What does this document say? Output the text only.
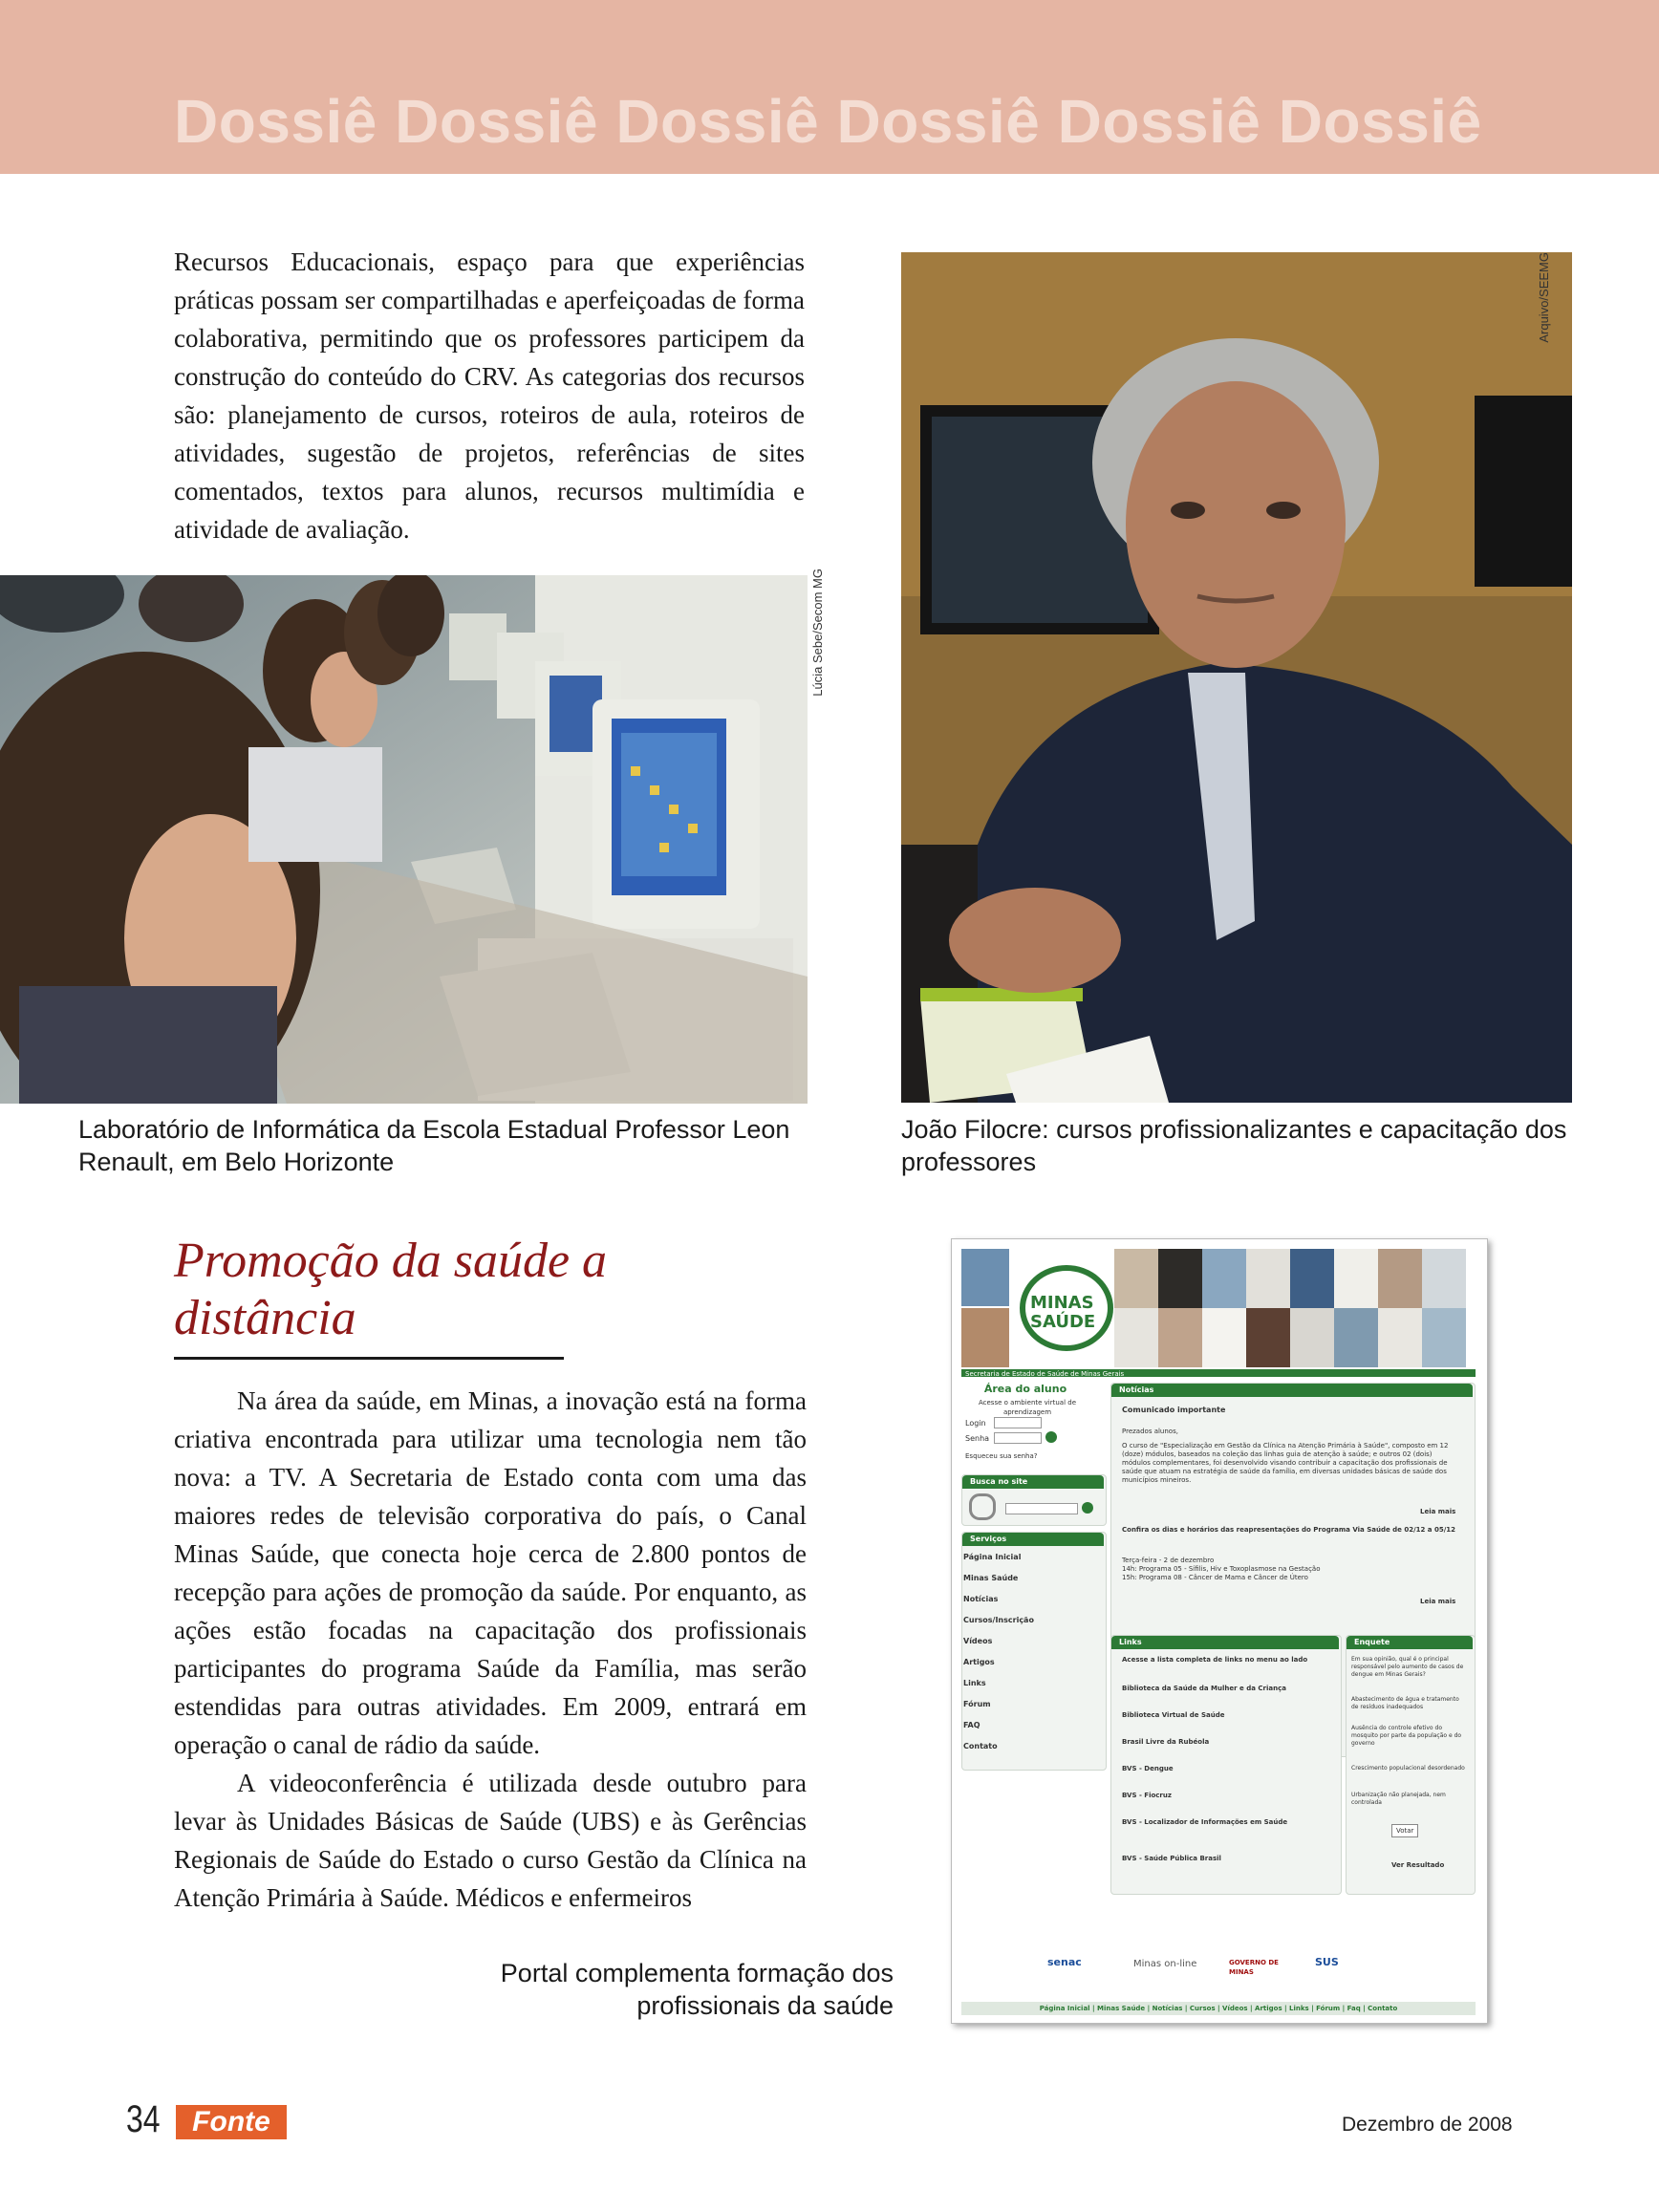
Dossiê Dossiê Dossiê Dossiê Dossiê Dossiê

Recursos Educacionais, espaço para que experiências práticas possam ser compartilhadas e aperfeiçoadas de forma colaborativa, permitindo que os professores participem da construção do conteúdo do CRV. As categorias dos recursos são: planejamento de cursos, roteiros de aula, roteiros de atividades, sugestão de projetos, referências de sites comentados, textos para alunos, recursos multimídia e atividade de avaliação.

Lúcia Sebe/Secom MG
Laboratório de Informática da Escola Estadual Professor Leon Renault, em Belo Horizonte
Arquivo/SEEMG
João Filocre: cursos profissionalizantes e capacitação dos professores
Promoção da saúde a distância

Na área da saúde, em Minas, a inovação está na forma criativa encontrada para utilizar uma tecnologia nem tão nova: a TV. A Secretaria de Estado conta com uma das maiores redes de televisão corporativa do país, o Canal Minas Saúde, que conecta hoje cerca de 2.800 pontos de recepção para ações de promoção da saúde. Por enquanto, as ações estão focadas na capacitação dos profissionais participantes do programa Saúde da Família, mas serão estendidas para outras atividades. Em 2009, entrará em operação o canal de rádio da saúde.

A videoconferência é utilizada desde outubro para levar às Unidades Básicas de Saúde (UBS) e às Gerências Regionais de Saúde do Estado o curso Gestão da Clínica na Atenção Primária à Saúde. Médicos e enfermeiros

Portal complementa formação dos profissionais da saúde
MINAS
SAÚDE
Secretaria de Estado de Saúde de Minas Gerais
Área do aluno
Acesse o ambiente virtual de aprendizagem
Login
Senha
Esqueceu sua senha?
Busca no site
Serviços
Página Inicial
Minas Saúde
Notícias
Cursos/Inscrição
Vídeos
Artigos
Links
Fórum
FAQ
Contato
Notícias
Comunicado importante
Prezados alunos,
O curso de "Especialização em Gestão da Clínica na Atenção Primária à Saúde", composto em 12 (doze) módulos, baseados na coleção das linhas guia de atenção à saúde; e outros 02 (dois) módulos complementares, foi desenvolvido visando contribuir a capacitação dos profissionais de saúde que atuam na estratégia de saúde da família, em diversas unidades básicas de saúde dos municípios mineiros.
Leia mais
Confira os dias e horários das reapresentações do Programa Via Saúde de 02/12 a 05/12
Terça-feira - 2 de dezembro
14h: Programa 05 - Sífilis, Hiv e Toxoplasmose na Gestação
15h: Programa 08 - Câncer de Mama e Câncer de Útero
Leia mais
Links
Acesse a lista completa de links no menu ao lado
Biblioteca da Saúde da Mulher e da Criança
Biblioteca Virtual de Saúde
Brasil Livre da Rubéola
BVS - Dengue
BVS - Fiocruz
BVS - Localizador de Informações em Saúde
BVS - Saúde Pública Brasil
Enquete
Em sua opinião, qual é o principal responsável pelo aumento de casos de dengue em Minas Gerais?
Abastecimento de água e tratamento de resíduos inadequados
Ausência do controle efetivo do mosquito por parte da população e do governo
Crescimento populacional desordenado
Urbanização não planejada, nem controlada
Votar
Ver Resultado
senac	Minas on-line	GOVERNO DE MINAS
SUS
Página Inicial | Minas Saúde | Notícias | Cursos | Vídeos | Artigos | Links | Fórum | Faq | Contato
34	Fonte	Dezembro de 2008
